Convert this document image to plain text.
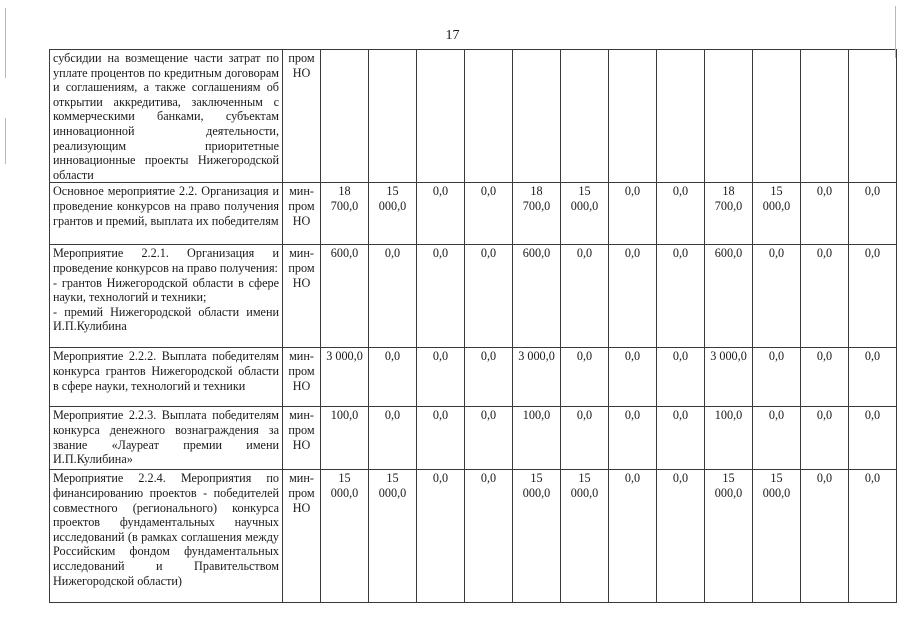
17
субсидии на возмещение части затрат по уплате процентов по кредитным договорам и соглашениям, а также соглашениям об открытии аккредитива, заключенным с коммерческими банками, субъектам инновационной деятельности, реализующим приоритетные инновационные проекты Нижегородской области	пром НО												
Основное мероприятие 2.2. Организация и проведение конкурсов на право получения грантов и премий, выплата их победителям	мин-пром НО	18 700,0	15 000,0	0,0	0,0	18 700,0	15 000,0	0,0	0,0	18 700,0	15 000,0	0,0	0,0

Мероприятие 2.2.1. Организация и проведение конкурсов на право получения:
- грантов Нижегородской области в сфере науки, технологий и техники;
- премий Нижегородской области имени И.П.Кулибина	мин-пром НО	600,0	0,0	0,0	0,0	600,0	0,0	0,0	0,0	600,0	0,0	0,0	0,0
Мероприятие 2.2.2. Выплата победителям конкурса грантов Нижегородской области в сфере науки, технологий и техники	мин-пром НО	3 000,0	0,0	0,0	0,0	3 000,0	0,0	0,0	0,0	3 000,0	0,0	0,0	0,0
Мероприятие 2.2.3. Выплата победителям конкурса денежного вознаграждения за звание «Лауреат премии имени И.П.Кулибина»	мин-пром НО	100,0	0,0	0,0	0,0	100,0	0,0	0,0	0,0	100,0	0,0	0,0	0,0
Мероприятие 2.2.4. Мероприятия по финансированию проектов - победителей совместного (регионального) конкурса проектов фундаментальных научных исследований (в рамках соглашения между Российским фондом фундаментальных исследований и Правительством Нижегородской области)	мин-пром НО	15 000,0	15 000,0	0,0	0,0	15 000,0	15 000,0	0,0	0,0	15 000,0	15 000,0	0,0	0,0
